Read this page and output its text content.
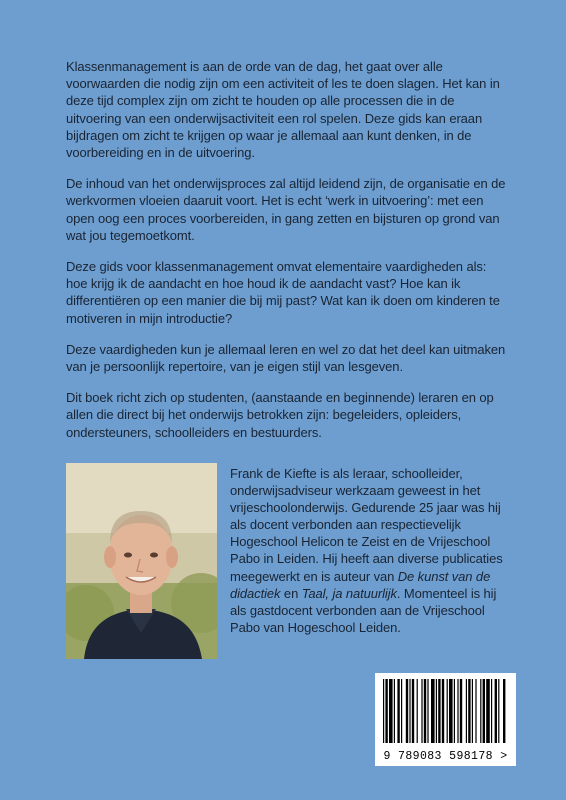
Klassenmanagement is aan de orde van de dag, het gaat over alle voorwaarden die nodig zijn om een activiteit of les te doen slagen. Het kan in deze tijd complex zijn om zicht te houden op alle processen die in de uitvoering van een onderwijsactiviteit een rol spelen. Deze gids kan eraan bijdragen om zicht te krijgen op waar je allemaal aan kunt denken, in de voorbereiding en in de uitvoering.

De inhoud van het onderwijsproces zal altijd leidend zijn, de organisatie en de werkvormen vloeien daaruit voort. Het is echt ‘werk in uitvoering’: met een open oog een proces voorbereiden, in gang zetten en bijsturen op grond van wat jou tegemoetkomt.

Deze gids voor klassenmanagement omvat elementaire vaardigheden als: hoe krijg ik de aandacht en hoe houd ik de aandacht vast? Hoe kan ik differentiëren op een manier die bij mij past? Wat kan ik doen om kinderen te motiveren in mijn introductie?

Deze vaardigheden kun je allemaal leren en wel zo dat het deel kan uitmaken van je persoonlijk repertoire, van je eigen stijl van lesgeven.

Dit boek richt zich op studenten, (aanstaande en beginnende) leraren en op allen die direct bij het onderwijs betrokken zijn: begeleiders, opleiders, ondersteuners, schoolleiders en bestuurders.

Frank de Kiefte is als leraar, schoolleider, onderwijsadviseur werkzaam geweest in het vrijeschoolonderwijs. Gedurende 25 jaar was hij als docent verbonden aan respectievelijk Hogeschool Helicon te Zeist en de Vrijeschool Pabo in Leiden. Hij heeft aan diverse publicaties meegewerkt en is auteur van De kunst van de didactiek en Taal, ja natuurlijk. Momenteel is hij als gastdocent verbonden aan de Vrijeschool Pabo van Hogeschool Leiden.
9 789083 598178 >
